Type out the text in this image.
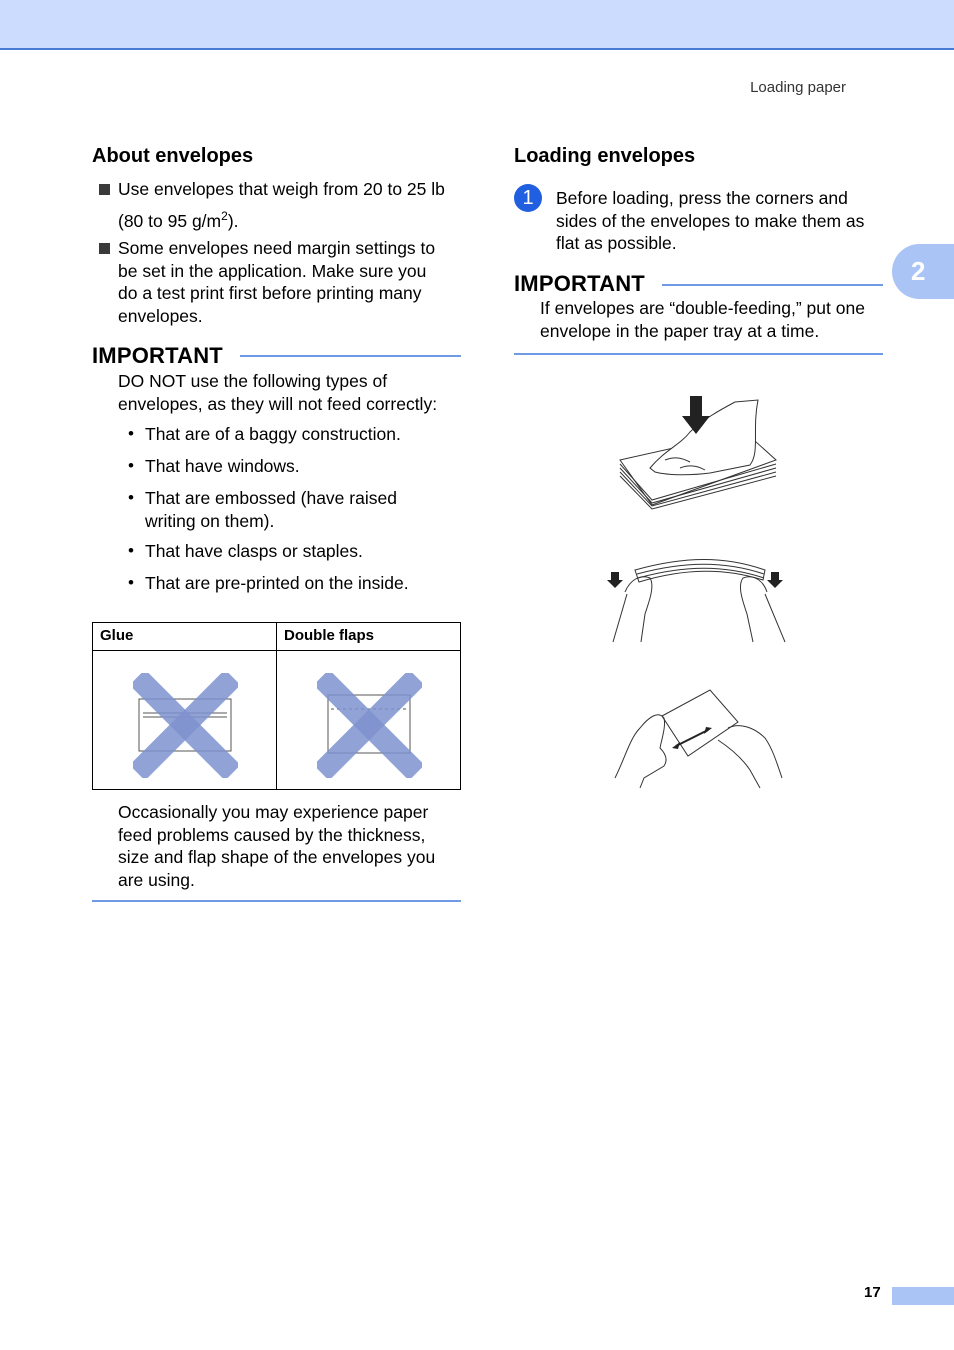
Loading paper
2
About envelopes
Use envelopes that weigh from 20 to 25 lb
(80 to 95 $g/m^2$).
Some envelopes need margin settings to
be set in the application. Make sure you
do a test print first before printing many
envelopes.
IMPORTANT
DO NOT use the following types of
envelopes, as they will not feed correctly:
• That are of a baggy construction.
• That have windows.
• That are embossed (have raised
writing on them).
• That have clasps or staples.
• That are pre-printed on the inside.
Glue	Double flaps
Occasionally you may experience paper
feed problems caused by the thickness,
size and flap shape of the envelopes you
are using.
Loading envelopes
1	Before loading, press the corners and
sides of the envelopes to make them as
flat as possible.
IMPORTANT
If envelopes are “double-feeding,” put one
envelope in the paper tray at a time.
17
